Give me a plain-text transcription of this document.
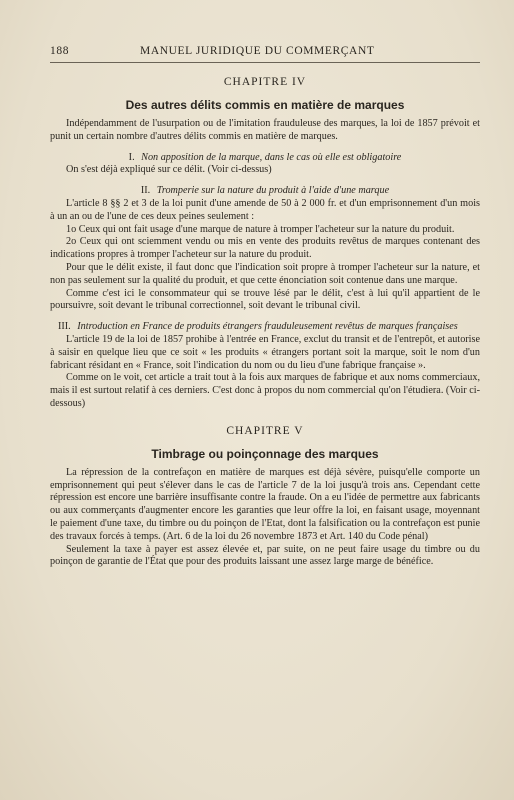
188	MANUEL JURIDIQUE DU COMMERÇANT
CHAPITRE IV
Des autres délits commis en matière de marques

Indépendamment de l'usurpation ou de l'imitation frauduleuse des marques, la loi de 1857 prévoit et punit un certain nombre d'autres délits commis en matière de marques.

I. Non apposition de la marque, dans le cas où elle est obligatoire

On s'est déjà expliqué sur ce délit. (Voir ci-dessus)

II. Tromperie sur la nature du produit à l'aide d'une marque

L'article 8 §§ 2 et 3 de la loi punit d'une amende de 50 à 2 000 fr. et d'un emprisonnement d'un mois à un an ou de l'une de ces deux peines seulement :

1o Ceux qui ont fait usage d'une marque de nature à tromper l'acheteur sur la nature du produit.

2o Ceux qui ont sciemment vendu ou mis en vente des produits revêtus de marques contenant des indications propres à tromper l'acheteur sur la nature du produit.

Pour que le délit existe, il faut donc que l'indication soit propre à tromper l'acheteur sur la nature, et non pas seulement sur la qualité du produit, et que cette énonciation soit contenue dans une marque.

Comme c'est ici le consommateur qui se trouve lésé par le délit, c'est à lui qu'il appartient de le poursuivre, soit devant le tribunal correctionnel, soit devant le tribunal civil.

III. Introduction en France de produits étrangers frauduleusement revêtus de marques françaises

L'article 19 de la loi de 1857 prohibe à l'entrée en France, exclut du transit et de l'entrepôt, et autorise à saisir en quelque lieu que ce soit « les produits « étrangers portant soit la marque, soit le nom d'un fabricant résidant en « France, soit l'indication du nom ou du lieu d'une fabrique française ».

Comme on le voit, cet article a trait tout à la fois aux marques de fabrique et aux noms commerciaux, mais il est surtout relatif à ces derniers. C'est donc à propos du nom commercial qu'on l'étudiera. (Voir ci-dessous)

CHAPITRE V
Timbrage ou poinçonnage des marques

La répression de la contrefaçon en matière de marques est déjà sévère, puisqu'elle comporte un emprisonnement qui peut s'élever dans le cas de l'article 7 de la loi jusqu'à trois ans. Cependant cette répression est encore une barrière insuffisante contre la fraude. On a eu l'idée de permettre aux fabricants ou aux commerçants d'augmenter encore les garanties que leur offre la loi, en faisant usage, moyennant le paiement d'une taxe, du timbre ou du poinçon de l'Etat, dont la falsification ou la contrefaçon est punie des travaux forcés à temps. (Art. 6 de la loi du 26 novembre 1873 et Art. 140 du Code pénal)

Seulement la taxe à payer est assez élevée et, par suite, on ne peut faire usage du timbre ou du poinçon de garantie de l'État que pour des produits laissant une assez large marge de bénéfice.
